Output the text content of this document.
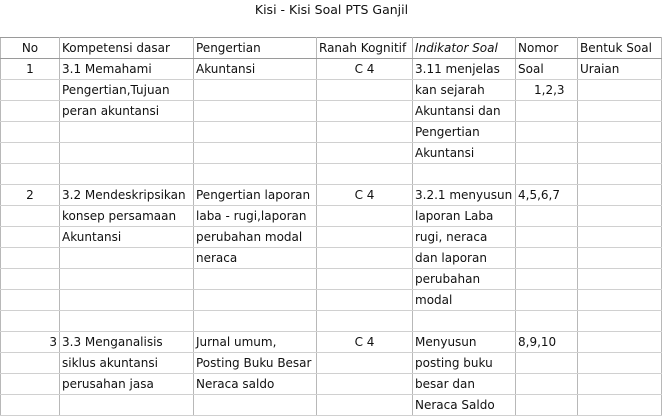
Kisi - Kisi Soal PTS Ganjil
No	Kompetensi dasar	Pengertian	Ranah Kognitif	Indikator Soal	Nomor	Bentuk Soal
1	3.1 Memahami	Akuntansi	C 4	3.11 menjelas	Soal	Uraian
	Pengertian,Tujuan			kan sejarah	1,2,3	
	peran akuntansi			Akuntansi dan		
				Pengertian		
				Akuntansi		

2	3.2 Mendeskripsikan	Pengertian laporan	C 4	3.2.1 menyusun	4,5,6,7	
	konsep persamaan	laba - rugi,laporan		laporan Laba		
	Akuntansi	perubahan modal		rugi, neraca		
		neraca		dan laporan		
				perubahan		
				modal		

3	3.3 Menganalisis	Jurnal umum,	C 4	Menyusun	8,9,10	
	siklus akuntansi	Posting Buku Besar		posting buku		
	perusahan jasa	Neraca saldo		besar dan		
				Neraca Saldo		
